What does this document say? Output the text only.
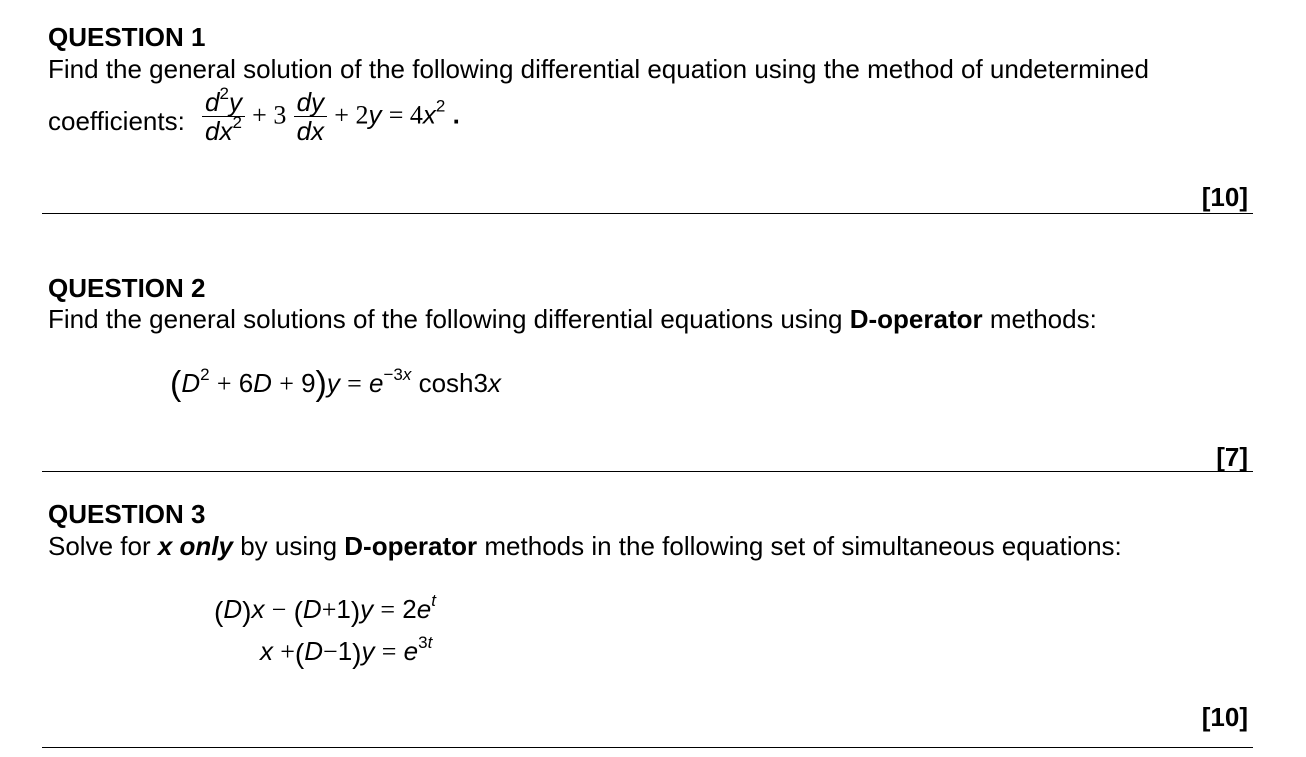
QUESTION 1
Find the general solution of the following differential equation using the method of undetermined
coefficients: $\frac{d^2y}{dx^2} + 3 \frac{dy}{dx} + 2y = 4x^2$ .
[10]
QUESTION 2
Find the general solutions of the following differential equations using D-operator methods:
$(D^2 + 6D + 9)y = e^{-3x}$ cosh3x
[7]
QUESTION 3
Solve for x only by using D-operator methods in the following set of simultaneous equations:
$(D)x - (D+1)y = 2e^t$
$x +(D-1)y = e^{3t}$
[10]
